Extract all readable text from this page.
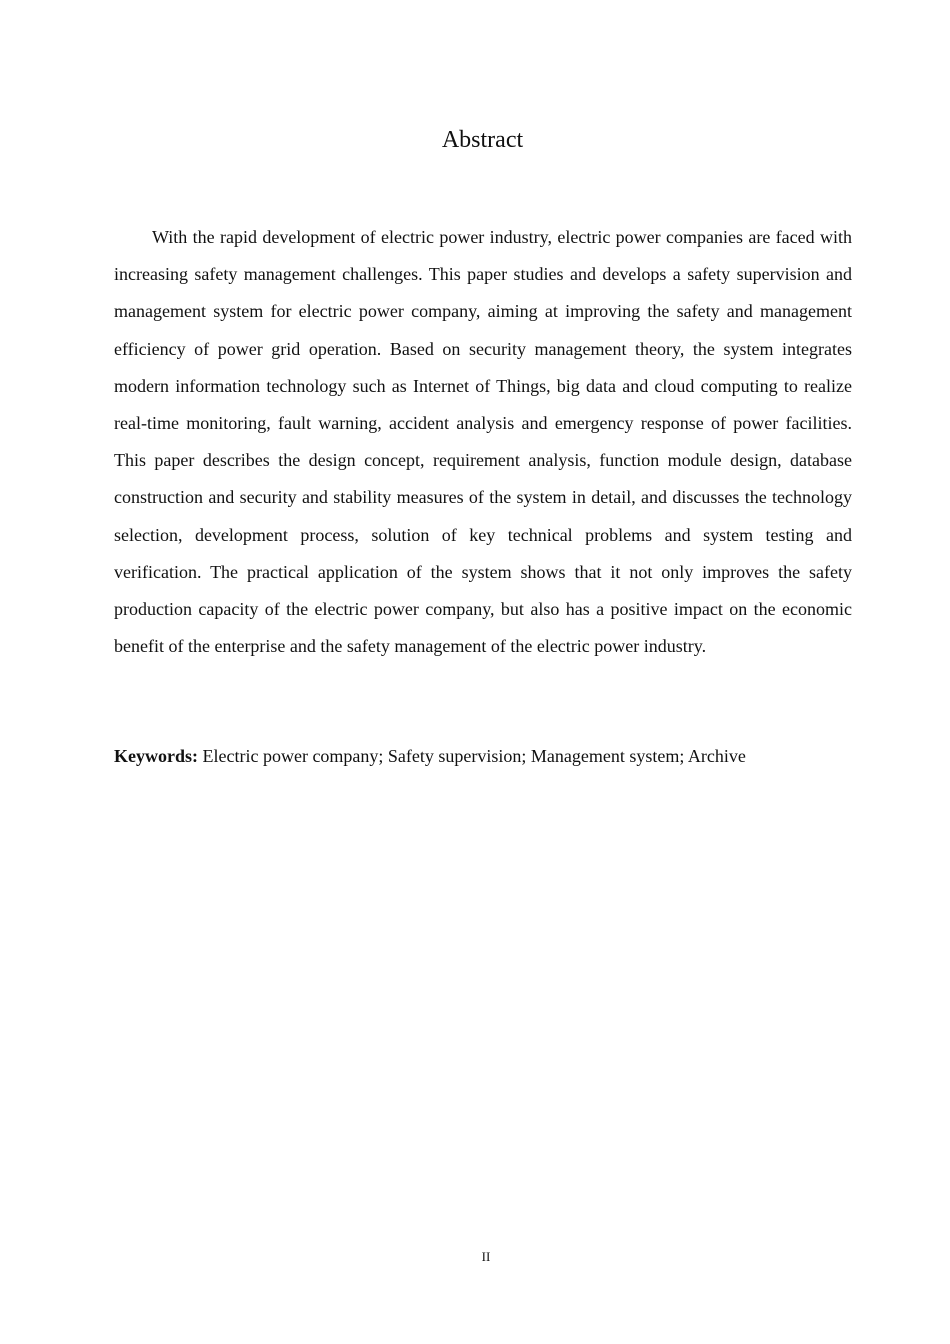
Abstract

With the rapid development of electric power industry, electric power companies are faced with increasing safety management challenges. This paper studies and develops a safety supervision and management system for electric power company, aiming at improving the safety and management efficiency of power grid operation. Based on security management theory, the system integrates modern information technology such as Internet of Things, big data and cloud computing to realize real-time monitoring, fault warning, accident analysis and emergency response of power facilities. This paper describes the design concept, requirement analysis, function module design, database construction and security and stability measures of the system in detail, and discusses the technology selection, development process, solution of key technical problems and system testing and verification. The practical application of the system shows that it not only improves the safety production capacity of the electric power company, but also has a positive impact on the economic benefit of the enterprise and the safety management of the electric power industry.

Keywords: Electric power company; Safety supervision; Management system; Archive

II
